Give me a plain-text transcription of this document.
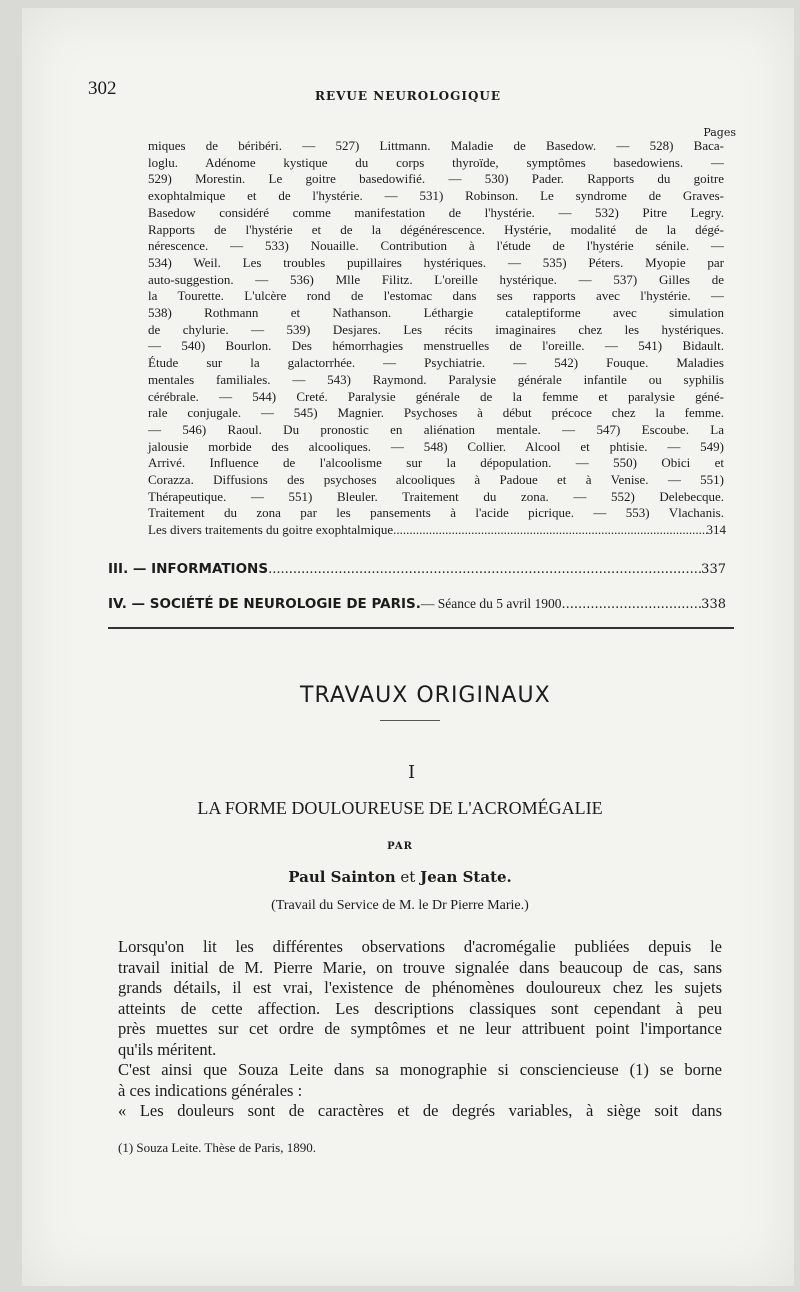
302	REVUE NEUROLOGIQUE
Pages

miques de béribéri. — 527) Littmann. Maladie de Basedow. — 528) Baca-

loglu. Adénome kystique du corps thyroïde, symptômes basedowiens. —

529) Morestin. Le goitre basedowifié. — 530) Pader. Rapports du goitre

exophtalmique et de l'hystérie. — 531) Robinson. Le syndrome de Graves-

Basedow considéré comme manifestation de l'hystérie. — 532) Pitre Legry.

Rapports de l'hystérie et de la dégénérescence. Hystérie, modalité de la dégé-

nérescence. — 533) Nouaille. Contribution à l'étude de l'hystérie sénile. —

534) Weil. Les troubles pupillaires hystériques. — 535) Péters. Myopie par

auto-suggestion. — 536) Mlle Filitz. L'oreille hystérique. — 537) Gilles de

la Tourette. L'ulcère rond de l'estomac dans ses rapports avec l'hystérie. —

538) Rothmann et Nathanson. Léthargie cataleptiforme avec simulation

de chylurie. — 539) Desjares. Les récits imaginaires chez les hystériques.

— 540) Bourlon. Des hémorrhagies menstruelles de l'oreille. — 541) Bidault.

Étude sur la galactorrhée. — Psychiatrie. — 542) Fouque. Maladies

mentales familiales. — 543) Raymond. Paralysie générale infantile ou syphilis

cérébrale. — 544) Creté. Paralysie générale de la femme et paralysie géné-

rale conjugale. — 545) Magnier. Psychoses à début précoce chez la femme.

— 546) Raoul. Du pronostic en aliénation mentale. — 547) Escoube. La

jalousie morbide des alcooliques. — 548) Collier. Alcool et phtisie. — 549)

Arrivé. Influence de l'alcoolisme sur la dépopulation. — 550) Obici et

Corazza. Diffusions des psychoses alcooliques à Padoue et à Venise. — 551)

Thérapeutique. — 551) Bleuler. Traitement du zona. — 552) Delebecque.

Traitement du zona par les pansements à l'acide picrique. — 553) Vlachanis.

Les divers traitements du goitre exophtalmique .....	314
III. — INFORMATIONS .....	337
IV. — SOCIÉTÉ DE NEUROLOGIE DE PARIS. — Séance du 5 avril 1900 .....	338
TRAVAUX ORIGINAUX
I
LA FORME DOULOUREUSE DE L'ACROMÉGALIE
PAR
Paul Sainton et Jean State.
(Travail du Service de M. le Dr Pierre Marie.)

Lorsqu'on lit les différentes observations d'acromégalie publiées depuis le

travail initial de M. Pierre Marie, on trouve signalée dans beaucoup de cas, sans

grands détails, il est vrai, l'existence de phénomènes douloureux chez les sujets

atteints de cette affection. Les descriptions classiques sont cependant à peu

près muettes sur cet ordre de symptômes et ne leur attribuent point l'importance

qu'ils méritent.

C'est ainsi que Souza Leite dans sa monographie si consciencieuse (1) se borne

à ces indications générales :

« Les douleurs sont de caractères et de degrés variables, à siège soit dans

(1) Souza Leite. Thèse de Paris, 1890.
